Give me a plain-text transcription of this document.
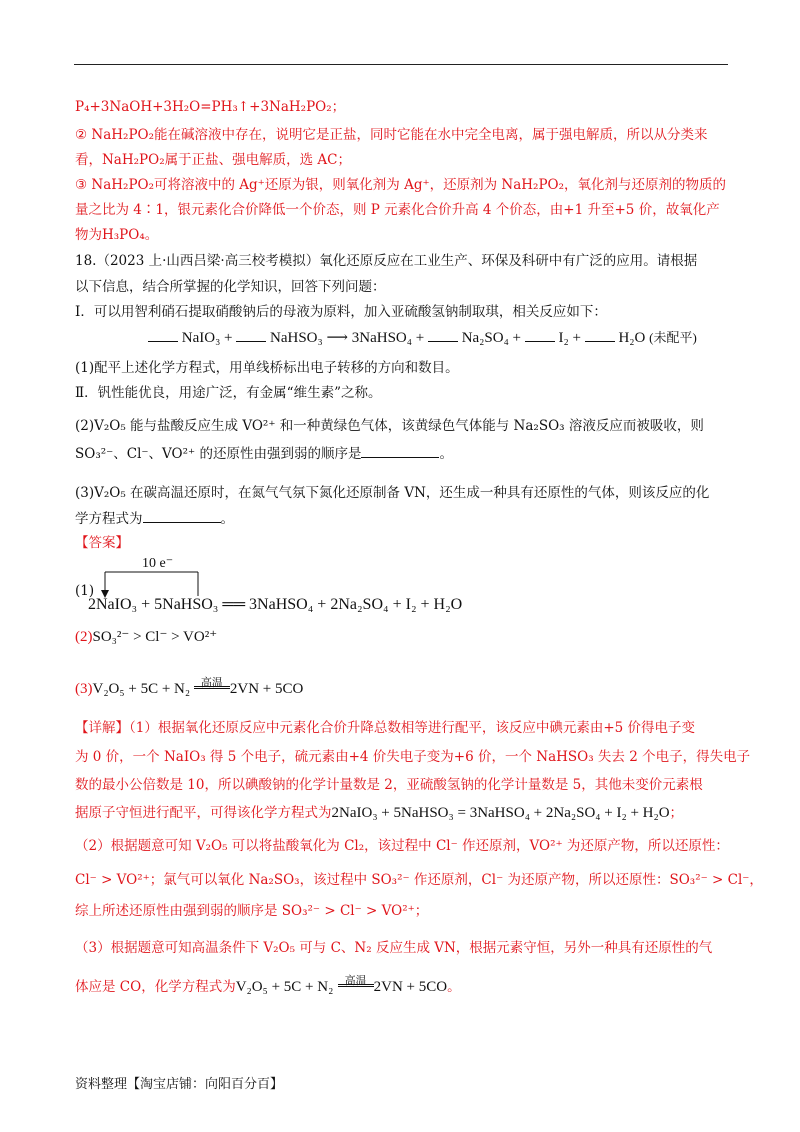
P₄+3NaOH+3H₂O=PH₃↑+3NaH₂PO₂；
② NaH₂PO₂能在碱溶液中存在，说明它是正盐，同时它能在水中完全电离，属于强电解质，所以从分类来
看，NaH₂PO₂属于正盐、强电解质，选 AC；
③ NaH₂PO₂可将溶液中的 Ag⁺还原为银，则氧化剂为 Ag⁺，还原剂为 NaH₂PO₂，氧化剂与还原剂的物质的
量之比为 4∶1，银元素化合价降低一个价态，则 P 元素化合价升高 4 个价态，由+1 升至+5 价，故氧化产
物为H₃PO₄。
18.（2023 上·山西吕梁·高三校考模拟）氧化还原反应在工业生产、环保及科研中有广泛的应用。请根据
以下信息，结合所掌握的化学知识，回答下列问题：
Ⅰ．可以用智利硝石提取硝酸钠后的母液为原料，加入亚硫酸氢钠制取琪，相关反应如下：
NaIO₃ +	NaHSO₃ ⟶ 3NaHSO₄ +	Na₂SO₄ +	I₂ +	H₂O (未配平)
(1)配平上述化学方程式，用单线桥标出电子转移的方向和数目。
Ⅱ．钒性能优良，用途广泛，有金属“维生素”之称。
(2)V₂O₅ 能与盐酸反应生成 VO²⁺ 和一种黄绿色气体，该黄绿色气体能与 Na₂SO₃ 溶液反应而被吸收，则
SO₃²⁻、Cl⁻、VO²⁺ 的还原性由强到弱的顺序是	。
(3)V₂O₅ 在碳高温还原时，在氮气气氛下氮化还原制备 VN，还生成一种具有还原性的气体，则该反应的化
学方程式为	。
【答案】
10 e⁻
(1)
2NaIO₃ + 5NaHSO₃ ══ 3NaHSO₄ + 2Na₂SO₄ + I₂ + H₂O
(2)SO₃²⁻ > Cl⁻ > VO²⁺
(3)V₂O₅ + 5C + N₂ 高温 2VN + 5CO
【详解】（1）根据氧化还原反应中元素化合价升降总数相等进行配平，该反应中碘元素由+5 价得电子变
为 0 价，一个 NaIO₃ 得 5 个电子，硫元素由+4 价失电子变为+6 价，一个 NaHSO₃ 失去 2 个电子，得失电子
数的最小公倍数是 10，所以碘酸钠的化学计量数是 2，亚硫酸氢钠的化学计量数是 5，其他未变价元素根
据原子守恒进行配平，可得该化学方程式为2NaIO₃ + 5NaHSO₃ = 3NaHSO₄ + 2Na₂SO₄ + I₂ + H₂O；
（2）根据题意可知 V₂O₅ 可以将盐酸氧化为 Cl₂，该过程中 Cl⁻ 作还原剂，VO²⁺ 为还原产物，所以还原性：
Cl⁻ > VO²⁺；氯气可以氧化 Na₂SO₃，该过程中 SO₃²⁻ 作还原剂，Cl⁻ 为还原产物，所以还原性：SO₃²⁻ > Cl⁻，
综上所述还原性由强到弱的顺序是 SO₃²⁻ > Cl⁻ > VO²⁺；
（3）根据题意可知高温条件下 V₂O₅ 可与 C、N₂ 反应生成 VN，根据元素守恒，另外一种具有还原性的气
体应是 CO，化学方程式为V₂O₅ + 5C + N₂	高温 2VN + 5CO。
资料整理【淘宝店铺：向阳百分百】
